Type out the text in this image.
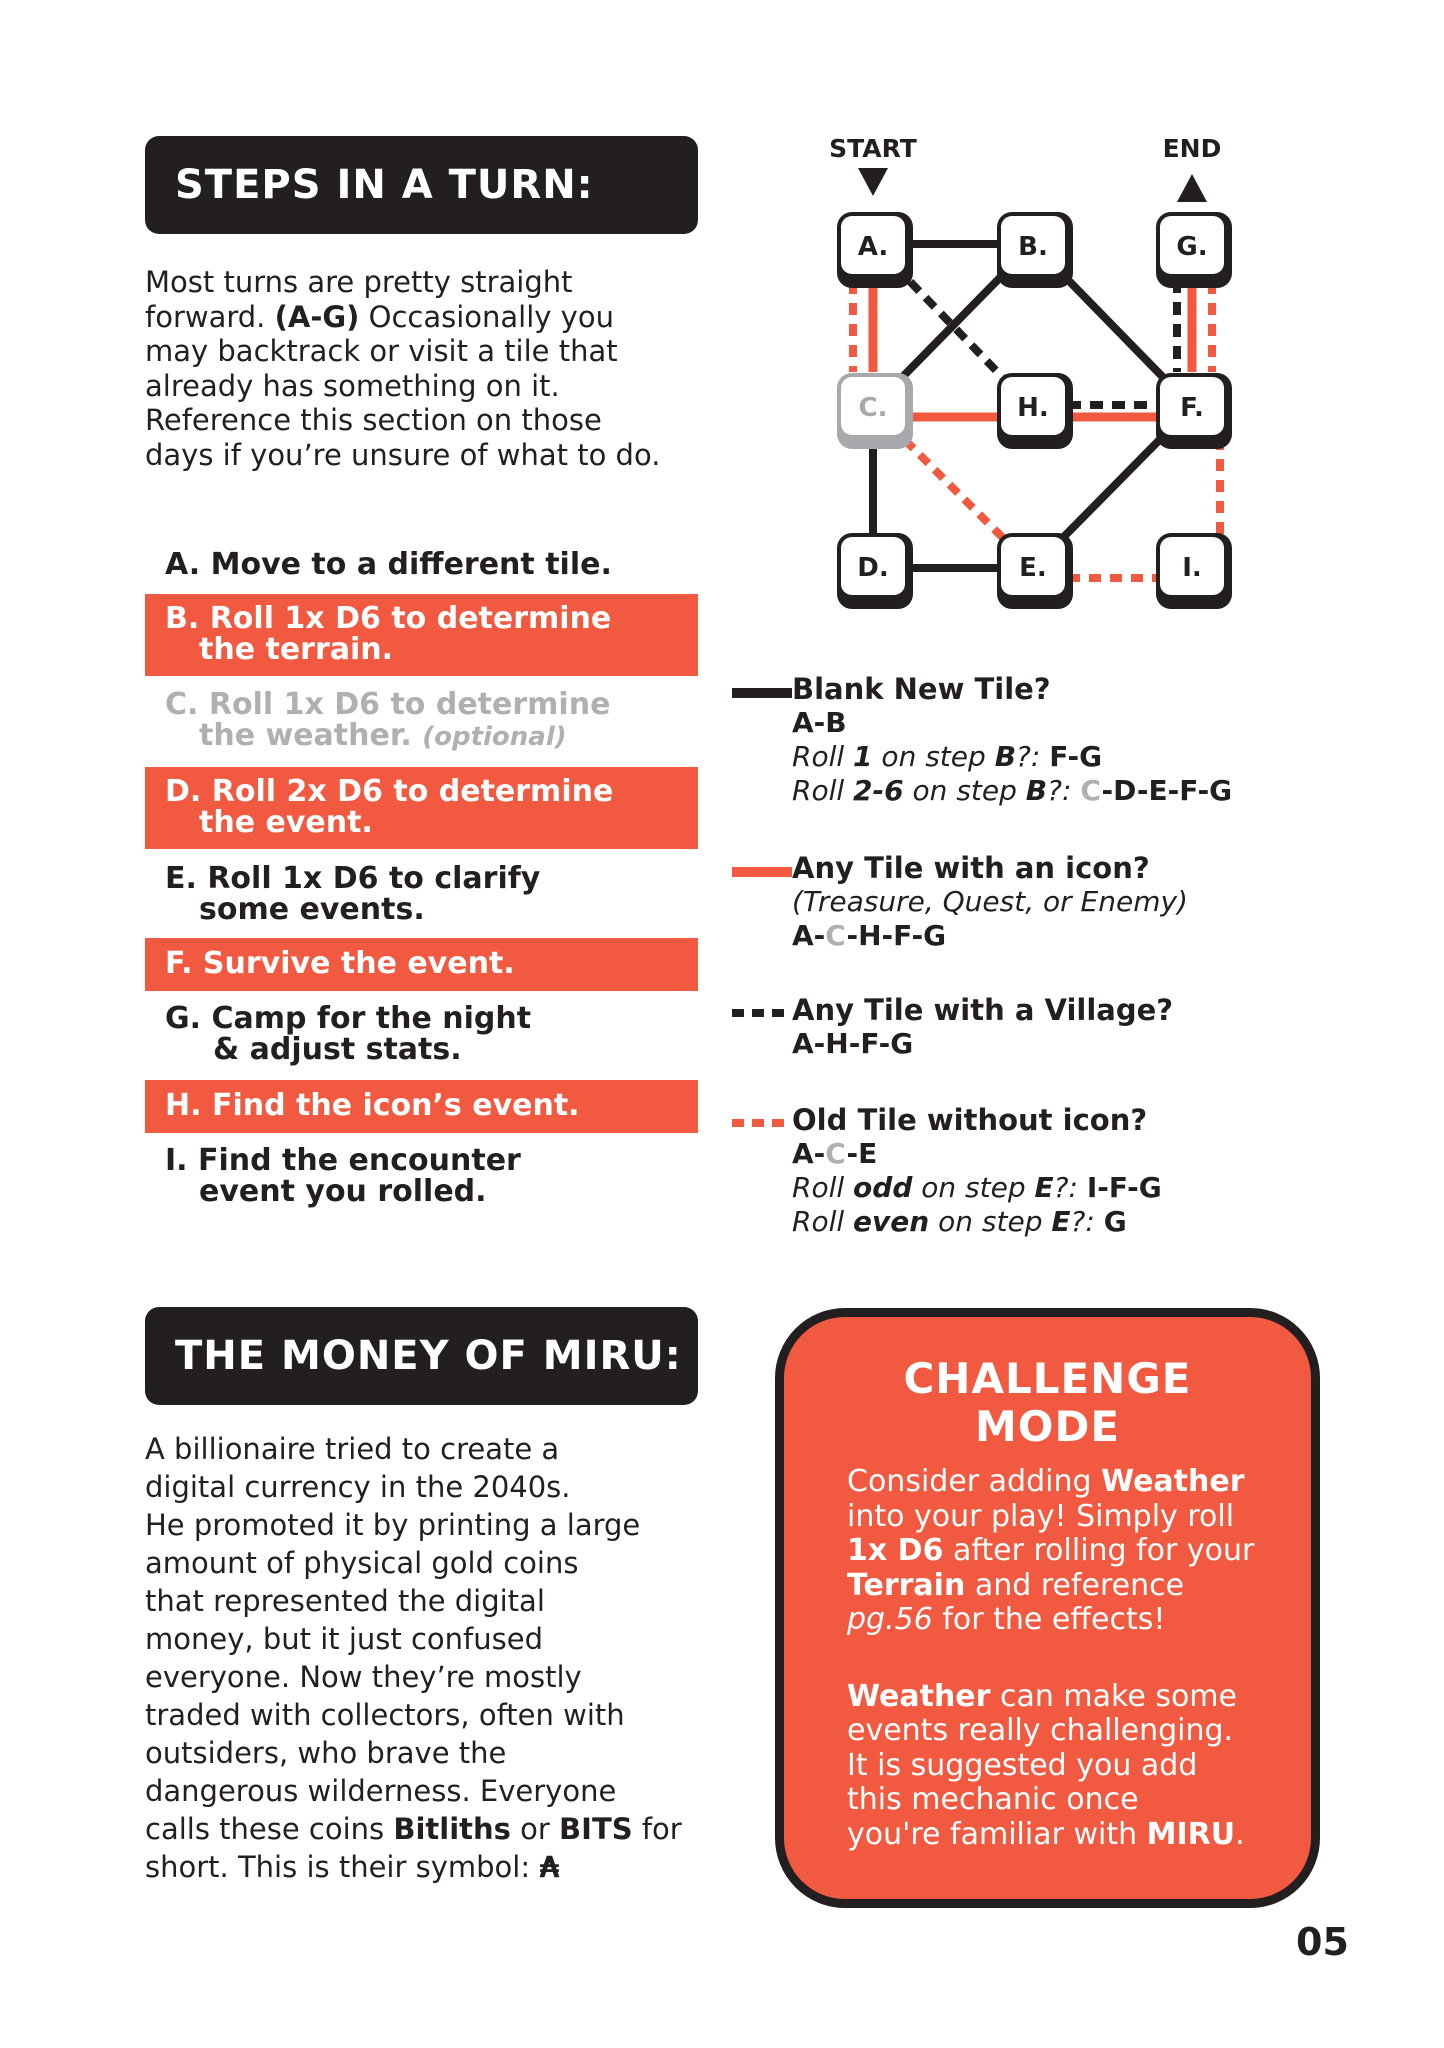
STEPS IN A TURN:
Most turns are pretty straight
forward. (A-G) Occasionally you
may backtrack or visit a tile that
already has something on it.
Reference this section on those
days if you’re unsure of what to do.
A. Move to a different tile.
B. Roll 1x D6 to determine
the terrain.
C. Roll 1x D6 to determine
the weather. (optional)
D. Roll 2x D6 to determine
the event.
E. Roll 1x D6 to clarify
some events.
F. Survive the event.
G. Camp for the night
& adjust stats.
H. Find the icon’s event.
I. Find the encounter
event you rolled.
START	END
A.	B.	G.
C.	H.	F.
D.	E.	I.
Blank New Tile?
A-B
Roll 1 on step B?: F-G
Roll 2-6 on step B?: C-D-E-F-G
Any Tile with an icon?
(Treasure, Quest, or Enemy)
A-C-H-F-G
Any Tile with a Village?
A-H-F-G
Old Tile without icon?
A-C-E
Roll odd on step E?: I-F-G
Roll even on step E?: G
THE MONEY OF MIRU:
A billionaire tried to create a
digital currency in the 2040s.
He promoted it by printing a large
amount of physical gold coins
that represented the digital
money, but it just confused
everyone. Now they’re mostly
traded with collectors, often with
outsiders, who brave the
dangerous wilderness. Everyone
calls these coins Bitliths or BITS for
short. This is their symbol: ₳
CHALLENGE
MODE
Consider adding Weather
into your play! Simply roll
1x D6 after rolling for your
Terrain and reference
pg.56 for the effects!
Weather can make some
events really challenging.
It is suggested you add
this mechanic once
you're familiar with MIRU.
05
